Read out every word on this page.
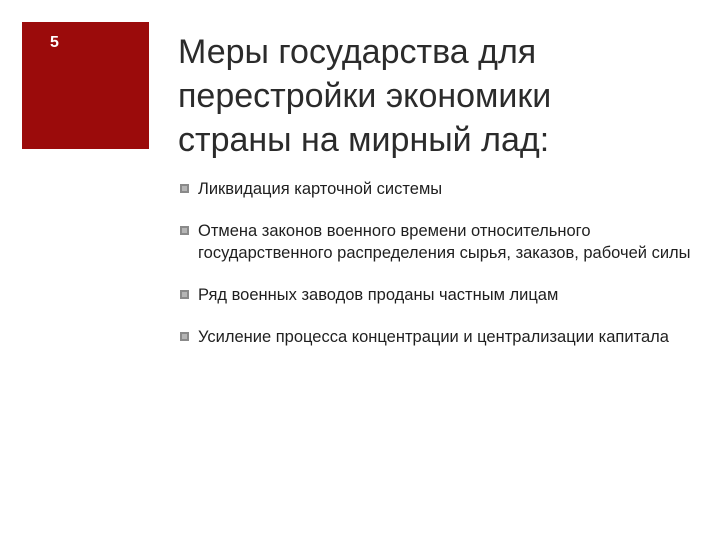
5	Меры государства для
перестройки экономики
страны на мирный лад:
Ликвидация карточной системы
Отмена законов военного времени относительного государственного распределения сырья, заказов, рабочей силы
Ряд военных заводов проданы частным лицам
Усиление процесса концентрации и централизации капитала
